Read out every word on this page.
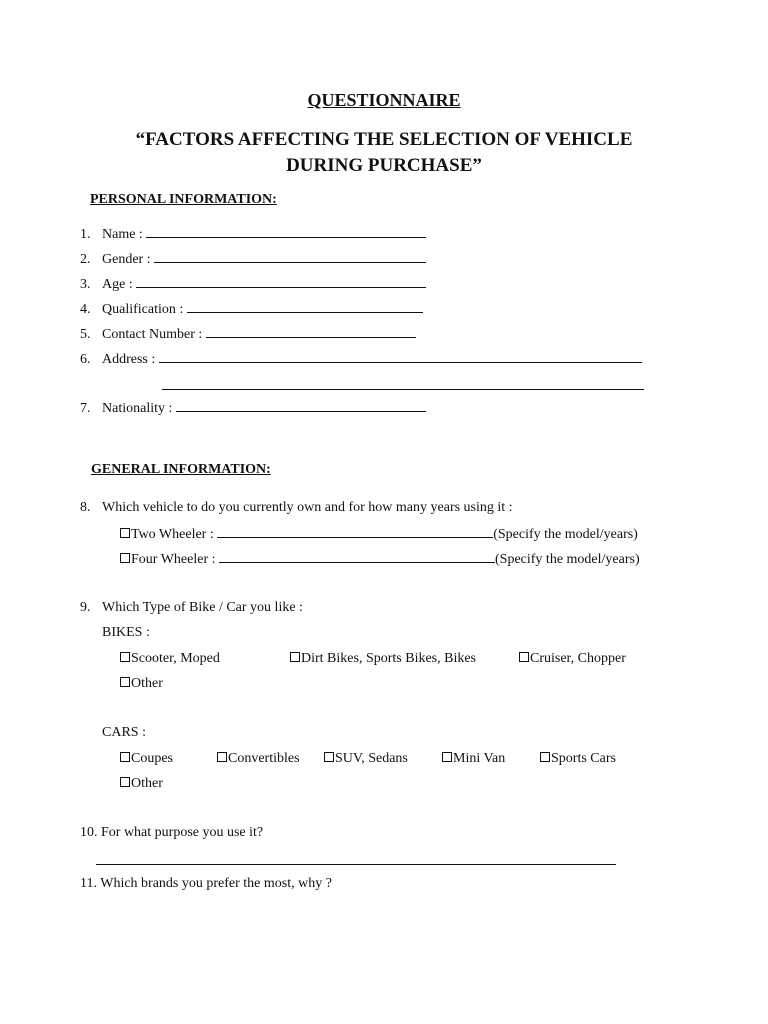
QUESTIONNAIRE
“FACTORS AFFECTING THE SELECTION OF VEHICLE
DURING PURCHASE”
PERSONAL INFORMATION:
1. Name :
2. Gender :
3. Age :
4. Qualification :
5. Contact Number :
6. Address :
7. Nationality :
GENERAL INFORMATION:
8. Which vehicle to do you currently own and for how many years using it :
Two Wheeler :	(Specify the model/years)
Four Wheeler :	(Specify the model/years)
9. Which Type of Bike / Car you like :
BIKES :
Scooter, Moped	Dirt Bikes, Sports Bikes, Bikes	Cruiser, Chopper
Other
CARS :
Coupes	Convertibles	SUV, Sedans	Mini Van	Sports Cars
Other
10. For what purpose you use it?
11. Which brands you prefer the most, why ?
